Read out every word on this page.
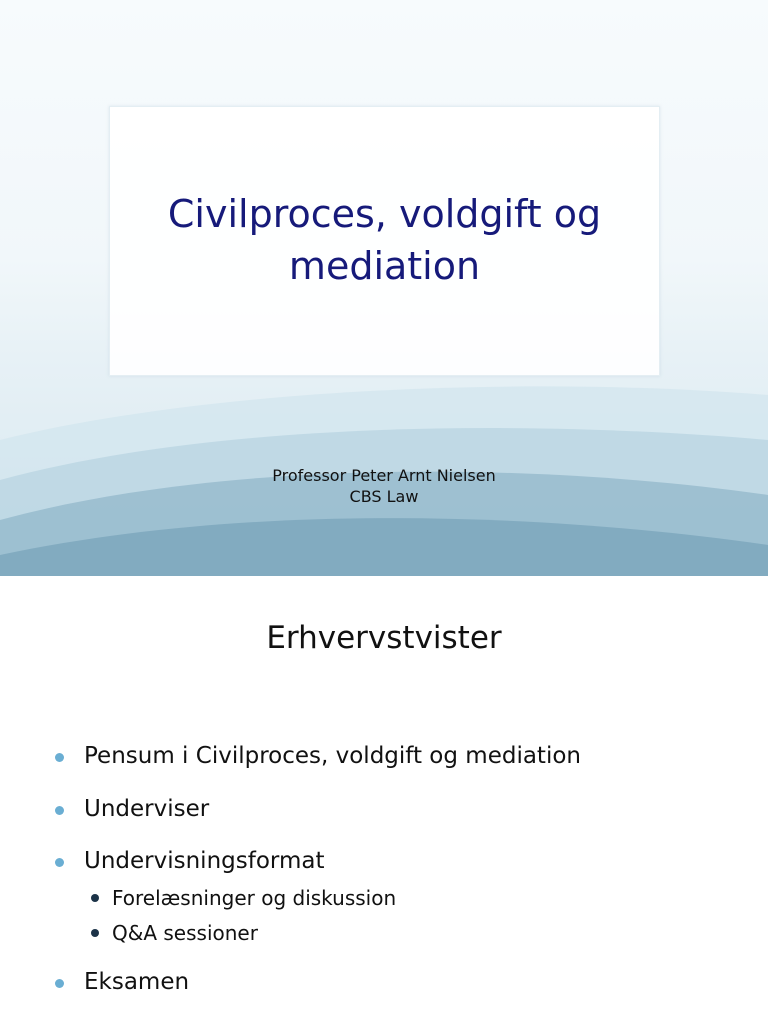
Civilproces, voldgift og mediation
Professor Peter Arnt Nielsen
CBS Law
Erhvervstvister
Pensum i Civilproces, voldgift og mediation
Underviser
Undervisningsformat
Forelæsninger og diskussion
Q&A sessioner
Eksamen
